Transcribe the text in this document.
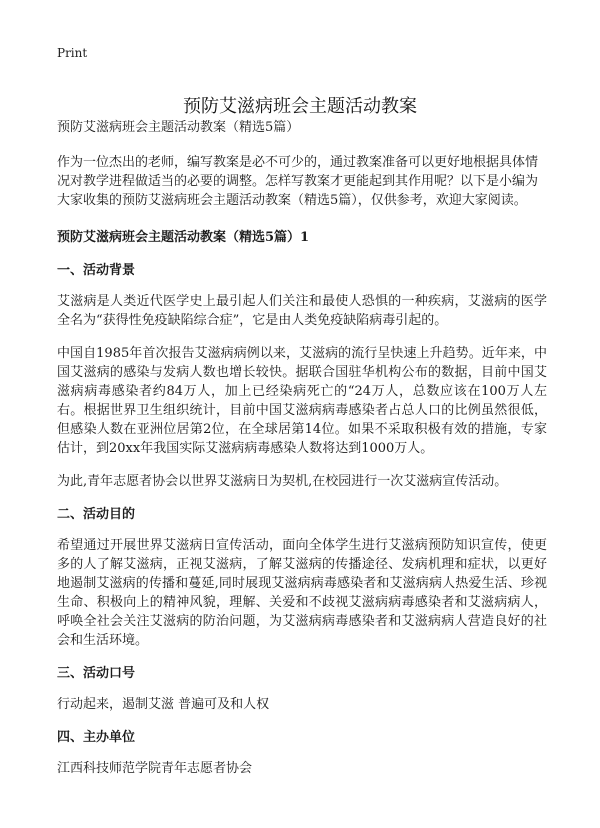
Print
预防艾滋病班会主题活动教案

预防艾滋病班会主题活动教案（精选5篇）

作为一位杰出的老师，编写教案是必不可少的，通过教案准备可以更好地根据具体情况对教学进程做适当的必要的调整。怎样写教案才更能起到其作用呢？以下是小编为大家收集的预防艾滋病班会主题活动教案（精选5篇），仅供参考，欢迎大家阅读。

预防艾滋病班会主题活动教案（精选5篇）1

一、活动背景

艾滋病是人类近代医学史上最引起人们关注和最使人恐惧的一种疾病，艾滋病的医学全名为“获得性免疫缺陷综合症”，它是由人类免疫缺陷病毒引起的。

中国自1985年首次报告艾滋病病例以来，艾滋病的流行呈快速上升趋势。近年来，中国艾滋病的感染与发病人数也增长较快。据联合国驻华机构公布的数据，目前中国艾滋病病毒感染者约84万人，加上已经染病死亡的“24万人，总数应该在100万人左右。根据世界卫生组织统计，目前中国艾滋病病毒感染者占总人口的比例虽然很低，但感染人数在亚洲位居第2位，在全球居第14位。如果不采取积极有效的措施，专家估计，到20xx年我国实际艾滋病病毒感染人数将达到1000万人。

为此,青年志愿者协会以世界艾滋病日为契机,在校园进行一次艾滋病宣传活动。

二、活动目的

希望通过开展世界艾滋病日宣传活动，面向全体学生进行艾滋病预防知识宣传，使更多的人了解艾滋病，正视艾滋病，了解艾滋病的传播途径、发病机理和症状，以更好地遏制艾滋病的传播和蔓延,同时展现艾滋病病毒感染者和艾滋病病人热爱生活、珍视生命、积极向上的精神风貌，理解、关爱和不歧视艾滋病病毒感染者和艾滋病病人，呼唤全社会关注艾滋病的防治问题，为艾滋病病毒感染者和艾滋病病人营造良好的社会和生活环境。

三、活动口号

行动起来，遏制艾滋 普遍可及和人权

四、主办单位

江西科技师范学院青年志愿者协会
